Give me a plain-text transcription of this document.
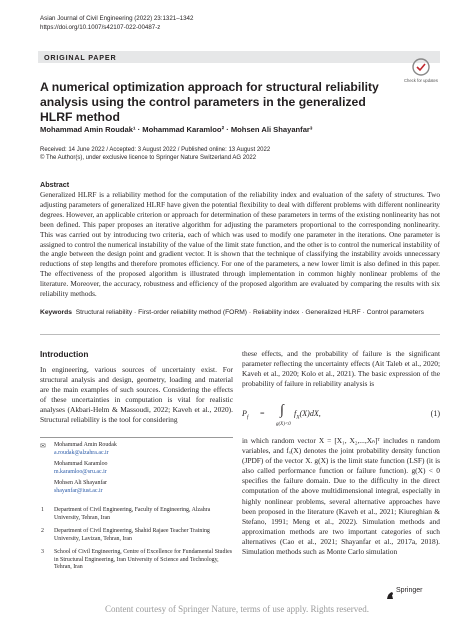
Asian Journal of Civil Engineering (2022) 23:1321–1342
https://doi.org/10.1007/s42107-022-00487-z
ORIGINAL PAPER
Check for updates
A numerical optimization approach for structural reliability analysis using the control parameters in the generalized HLRF method
Mohammad Amin Roudak¹ · Mohammad Karamloo² · Mohsen Ali Shayanfar³
Received: 14 June 2022 / Accepted: 3 August 2022 / Published online: 13 August 2022
© The Author(s), under exclusive licence to Springer Nature Switzerland AG 2022
Abstract
Generalized HLRF is a reliability method for the computation of the reliability index and evaluation of the safety of structures. Two adjusting parameters of generalized HLRF have given the potential flexibility to deal with different problems with different nonlinearity degrees. However, an applicable criterion or approach for determination of these parameters in terms of the existing nonlinearity has not been defined. This paper proposes an iterative algorithm for adjusting the parameters proportional to the corresponding nonlinearity. This was carried out by introducing two criteria, each of which was used to modify one parameter in the iterations. One parameter is assigned to control the numerical instability of the value of the limit state function, and the other is to control the numerical instability of the angle between the design point and gradient vector. It is shown that the technique of classifying the instability avoids unnecessary reductions of step lengths and therefore promotes efficiency. For one of the parameters, a new lower limit is also defined in this paper. The effectiveness of the proposed algorithm is illustrated through implementation in common highly nonlinear problems of the literature. Moreover, the accuracy, robustness and efficiency of the proposed algorithm are evaluated by comparing the results with six reliability methods.
Keywords Structural reliability · First-order reliability method (FORM) · Reliability index · Generalized HLRF · Control parameters
Introduction
In engineering, various sources of uncertainty exist. For structural analysis and design, geometry, loading and material are the main examples of such sources. Considering the effects of these uncertainties in computation is vital for realistic analyses (Akbari-Helm & Massoudi, 2022; Kaveh et al., 2020). Structural reliability is the tool for considering
✉ Mohammad Amin Roudak
a.roudak@alzahra.ac.ir
Mohammad Karamloo
m.karamloo@sru.ac.ir
Mohsen Ali Shayanfar
shayanfar@iust.ac.ir
1 Department of Civil Engineering, Faculty of Engineering, Alzahra University, Tehran, Iran
2 Department of Civil Engineering, Shahid Rajaee Teacher Training University, Lavizan, Tehran, Iran
3 School of Civil Engineering, Centre of Excellence for Fundamental Studies in Structural Engineering, Iran University of Science and Technology, Tehran, Iran
these effects, and the probability of failure is the significant parameter reflecting the uncertainty effects (Ait Taleb et al., 2020; Kaveh et al., 2020; Kolo et al., 2021). The basic expression of the probability of failure in reliability analysis is
$P_f$ = ∫ $f_X(X)dX$,
g(X)<0
(1)
in which random vector X = [X₁, X₂,...,Xₙ]ᵀ includes n random variables, and fₓ(X) denotes the joint probability density function (JPDF) of the vector X. g(X) is the limit state function (LSF) (it is also called performance function or failure function). g(X) < 0 specifies the failure domain. Due to the difficulty in the direct computation of the above multidimensional integral, especially in highly nonlinear problems, several alternative approaches have been proposed in the literature (Kaveh et al., 2021; Kiureghian & Stefano, 1991; Meng et al., 2022). Simulation methods and approximation methods are two important categories of such alternatives (Cao et al., 2021; Shayanfar et al., 2017a, 2018). Simulation methods such as Monte Carlo simulation
Springer
Content courtesy of Springer Nature, terms of use apply. Rights reserved.
